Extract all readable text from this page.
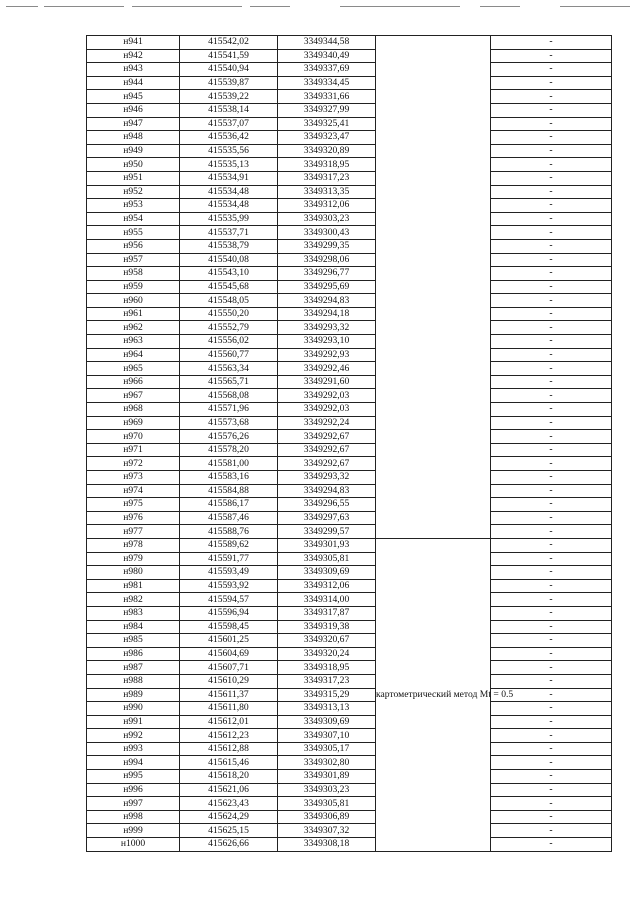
н941	415542,02	3349344,58		-
н942	415541,59	3349340,49		-
н943	415540,94	3349337,69		-
н944	415539,87	3349334,45		-
н945	415539,22	3349331,66		-
н946	415538,14	3349327,99		-
н947	415537,07	3349325,41		-
н948	415536,42	3349323,47		-
н949	415535,56	3349320,89		-
н950	415535,13	3349318,95		-
н951	415534,91	3349317,23		-
н952	415534,48	3349313,35		-
н953	415534,48	3349312,06		-
н954	415535,99	3349303,23		-
н955	415537,71	3349300,43		-
н956	415538,79	3349299,35		-
н957	415540,08	3349298,06		-
н958	415543,10	3349296,77		-
н959	415545,68	3349295,69		-
н960	415548,05	3349294,83		-
н961	415550,20	3349294,18		-
н962	415552,79	3349293,32		-
н963	415556,02	3349293,10		-
н964	415560,77	3349292,93		-
н965	415563,34	3349292,46		-
н966	415565,71	3349291,60		-
н967	415568,08	3349292,03		-
н968	415571,96	3349292,03		-
н969	415573,68	3349292,24		-
н970	415576,26	3349292,67		-
н971	415578,20	3349292,67		-
н972	415581,00	3349292,67		-
н973	415583,16	3349293,32		-
н974	415584,88	3349294,83		-
н975	415586,17	3349296,55		-
н976	415587,46	3349297,63		-
н977	415588,76	3349299,57		-
н978	415589,62	3349301,93	картометрический метод Mt = 0.5	-
н979	415591,77	3349305,81		-
н980	415593,49	3349309,69		-
н981	415593,92	3349312,06		-
н982	415594,57	3349314,00		-
н983	415596,94	3349317,87		-
н984	415598,45	3349319,38		-
н985	415601,25	3349320,67		-
н986	415604,69	3349320,24		-
н987	415607,71	3349318,95		-
н988	415610,29	3349317,23		-
н989	415611,37	3349315,29		-
н990	415611,80	3349313,13		-
н991	415612,01	3349309,69		-
н992	415612,23	3349307,10		-
н993	415612,88	3349305,17		-
н994	415615,46	3349302,80		-
н995	415618,20	3349301,89		-
н996	415621,06	3349303,23		-
н997	415623,43	3349305,81		-
н998	415624,29	3349306,89		-
н999	415625,15	3349307,32		-
н1000	415626,66	3349308,18		-
